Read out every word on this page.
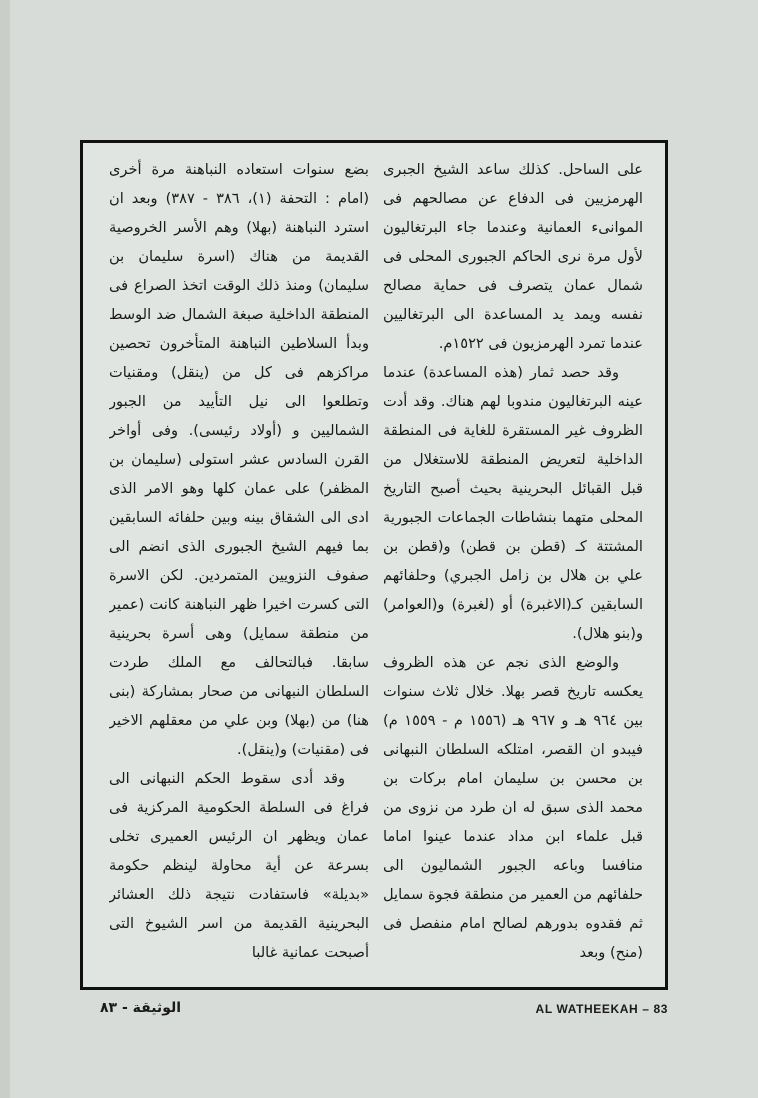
على الساحل. كذلك ساعد الشيخ الجبرى الهرمزيين فى الدفاع عن مصالحهم فى الموانىء العمانية وعندما جاء البرتغاليون لأول مرة نرى الحاكم الجبورى المحلى فى شمال عمان يتصرف فى حماية مصالح نفسه ويمد يد المساعدة الى البرتغاليين عندما تمرد الهرمزيون فى ١٥٢٢م.

وقد حصد ثمار (هذه المساعدة) عندما عينه البرتغاليون مندوبا لهم هناك. وقد أدت الظروف غير المستقرة للغاية فى المنطقة الداخلية لتعريض المنطقة للاستغلال من قبل القبائل البحرينية بحيث أصبح التاريخ المحلى متهما بنشاطات الجماعات الجبورية المشتتة كـ (قطن بن قطن) و(قطن بن علي بن هلال بن زامل الجبري) وحلفائهم السابقين كـ(الاغبرة) أو (لغبرة) و(العوامر) و(بنو هلال).

والوضع الذى نجم عن هذه الظروف يعكسه تاريخ قصر بهلا. خلال ثلاث سنوات بين ٩٦٤ هـ و ٩٦٧ هـ (١٥٥٦ م - ١٥٥٩ م) فيبدو ان القصر، امتلكه السلطان النبهانى بن محسن بن سليمان امام بركات بن محمد الذى سبق له ان طرد من نزوى من قبل علماء ابن مداد عندما عينوا اماما منافسا وباعه الجبور الشماليون الى حلفائهم من العمير من منطقة فجوة سمايل ثم فقدوه بدورهم لصالح امام منفصل فى (منح) وبعد

بضع سنوات استعاده النباهنة مرة أخرى (امام : التحفة (١)، ٣٨٦ - ٣٨٧) وبعد ان استرد النباهنة (بهلا) وهم الأسر الخروصية القديمة من هناك (اسرة سليمان بن سليمان) ومنذ ذلك الوقت اتخذ الصراع فى المنطقة الداخلية صبغة الشمال ضد الوسط وبدأ السلاطين النباهنة المتأخرون تحصين مراكزهم فى كل من (ينقل) ومقنيات وتطلعوا الى نيل التأييد من الجبور الشماليين و (أولاد رئيسى). وفى أواخر القرن السادس عشر استولى (سليمان بن المظفر) على عمان كلها وهو الامر الذى ادى الى الشقاق بينه وبين حلفائه السابقين بما فيهم الشيخ الجبورى الذى انضم الى صفوف النزويين المتمردين. لكن الاسرة التى كسرت اخيرا ظهر النباهنة كانت (عمير من منطقة سمايل) وهى أسرة بحرينية سابقا. فبالتحالف مع الملك طردت السلطان النبهانى من صحار بمشاركة (بنى هنا) من (بهلا) وبن علي من معقلهم الاخير فى (مقنيات) و(ينقل).

وقد أدى سقوط الحكم النبهانى الى فراغ فى السلطة الحكومية المركزية فى عمان ويظهر ان الرئيس العميرى تخلى بسرعة عن أية محاولة لينظم حكومة «بديلة» فاستفادت نتيجة ذلك العشائر البحرينية القديمة من اسر الشيوخ التى أصبحت عمانية غالبا

الوثيقة - ٨٣	AL WATHEEKAH – 83
